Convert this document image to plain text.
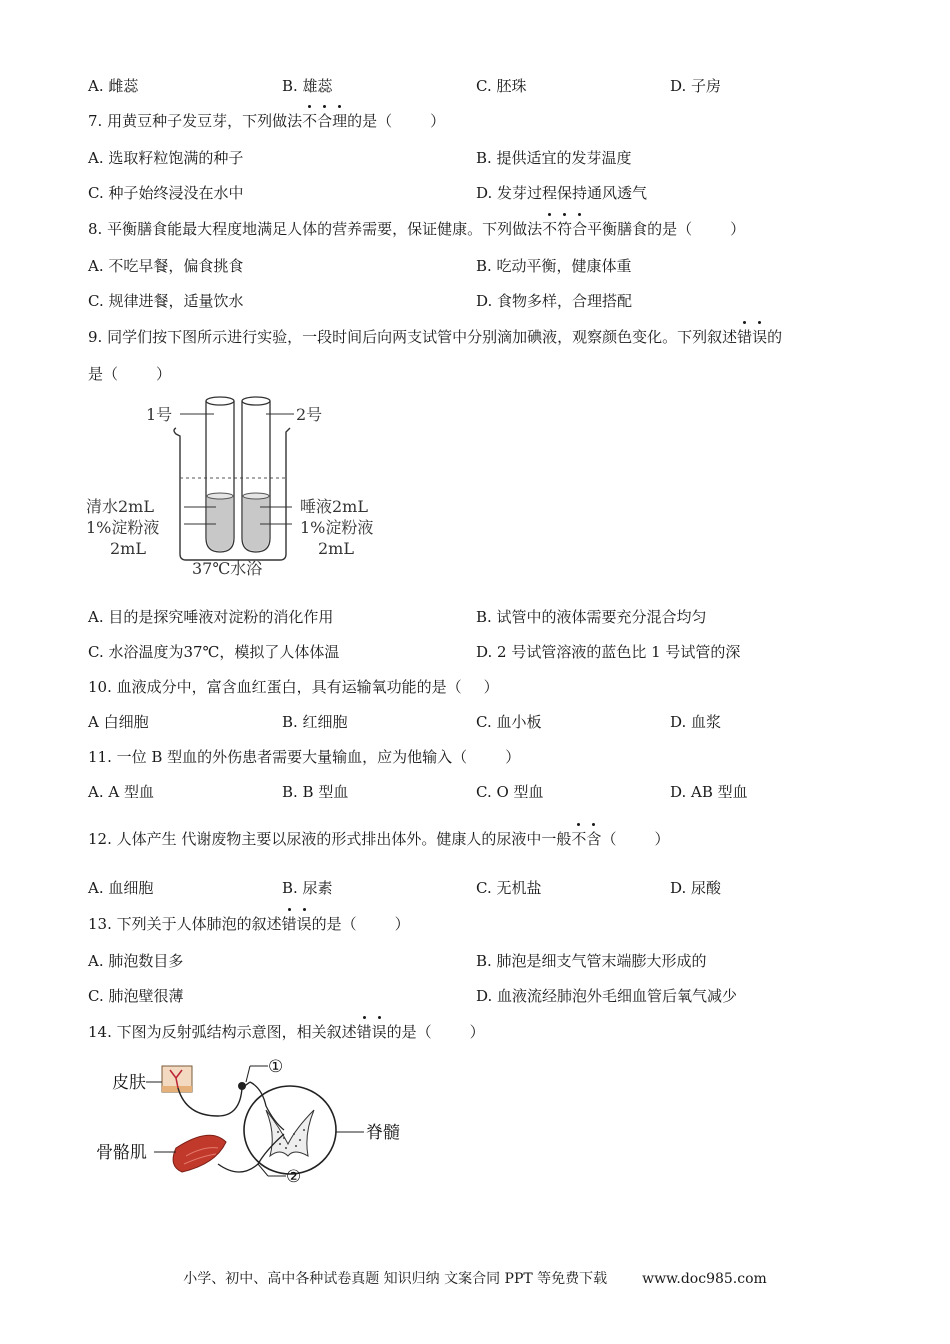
A. 雌蕊	B. 雄蕊	C. 胚珠	D. 子房
7. 用黄豆种子发豆芽，下列做法不合理的是（	）
A. 选取籽粒饱满的种子	B. 提供适宜的发芽温度
C. 种子始终浸没在水中	D. 发芽过程保持通风透气
8. 平衡膳食能最大程度地满足人体的营养需要，保证健康。下列做法不符合平衡膳食的是（	）
A. 不吃早餐，偏食挑食	B. 吃动平衡，健康体重
C. 规律进餐，适量饮水	D. 食物多样，合理搭配
9. 同学们按下图所示进行实验，一段时间后向两支试管中分别滴加碘液，观察颜色变化。下列叙述错误的
是（	）
1号	2号
清水2mL
1%淀粉液
2mL
唾液2mL
1%淀粉液
2mL
37℃水浴
A. 目的是探究唾液对淀粉的消化作用	B. 试管中的液体需要充分混合均匀
C. 水浴温度为37℃，模拟了人体体温	D. 2 号试管溶液的蓝色比 1 号试管的深
10. 血液成分中，富含血红蛋白，具有运输氧功能的是（ ）
A 白细胞	B. 红细胞	C. 血小板	D. 血浆
11. 一位 B 型血的外伤患者需要大量输血，应为他输入（	）
A. A 型血	B. B 型血	C. O 型血	D. AB 型血
12. 人体产生 代谢废物主要以尿液的形式排出体外。健康人的尿液中一般不含（	）
A. 血细胞	B. 尿素	C. 无机盐	D. 尿酸
13. 下列关于人体肺泡的叙述错误的是（	）
A. 肺泡数目多	B. 肺泡是细支气管末端膨大形成的
C. 肺泡壁很薄	D. 血液流经肺泡外毛细血管后氧气减少
14. 下图为反射弧结构示意图，相关叙述错误的是（	）
皮肤
骨骼肌
脊髓
①
②
小学、初中、高中各种试卷真题 知识归纳 文案合同 PPT 等免费下载 www.doc985.com
